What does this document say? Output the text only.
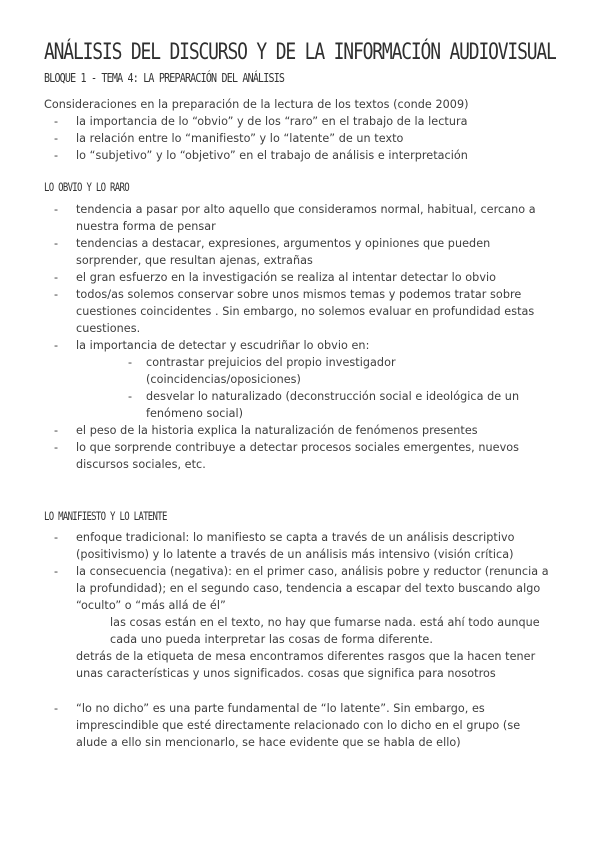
ANÁLISIS DEL DISCURSO Y DE LA INFORMACIÓN AUDIOVISUAL
BLOQUE 1 - TEMA 4: LA PREPARACIÓN DEL ANÁLISIS
Consideraciones en la preparación de la lectura de los textos (conde 2009)
- la importancia de lo “obvio” y de los “raro” en el trabajo de la lectura
- la relación entre lo “manifiesto” y lo “latente” de un texto
- lo “subjetivo” y lo “objetivo” en el trabajo de análisis e interpretación
LO OBVIO Y LO RARO
- tendencia a pasar por alto aquello que consideramos normal, habitual, cercano a
nuestra forma de pensar
- tendencias a destacar, expresiones, argumentos y opiniones que pueden
sorprender, que resultan ajenas, extrañas
- el gran esfuerzo en la investigación se realiza al intentar detectar lo obvio
- todos/as solemos conservar sobre unos mismos temas y podemos tratar sobre
cuestiones coincidentes . Sin embargo, no solemos evaluar en profundidad estas
cuestiones.
- la importancia de detectar y escudriñar lo obvio en:
- contrastar prejuicios del propio investigador
(coincidencias/oposiciones)
- desvelar lo naturalizado (deconstrucción social e ideológica de un
fenómeno social)
- el peso de la historia explica la naturalización de fenómenos presentes
- lo que sorprende contribuye a detectar procesos sociales emergentes, nuevos
discursos sociales, etc.
LO MANIFIESTO Y LO LATENTE
- enfoque tradicional: lo manifiesto se capta a través de un análisis descriptivo
(positivismo) y lo latente a través de un análisis más intensivo (visión crítica)
- la consecuencia (negativa): en el primer caso, análisis pobre y reductor (renuncia a
la profundidad); en el segundo caso, tendencia a escapar del texto buscando algo
“oculto” o “más allá de él”
las cosas están en el texto, no hay que fumarse nada. está ahí todo aunque
cada uno pueda interpretar las cosas de forma diferente.
detrás de la etiqueta de mesa encontramos diferentes rasgos que la hacen tener
unas características y unos significados. cosas que significa para nosotros
- “lo no dicho” es una parte fundamental de “lo latente”. Sin embargo, es
imprescindible que esté directamente relacionado con lo dicho en el grupo (se
alude a ello sin mencionarlo, se hace evidente que se habla de ello)
